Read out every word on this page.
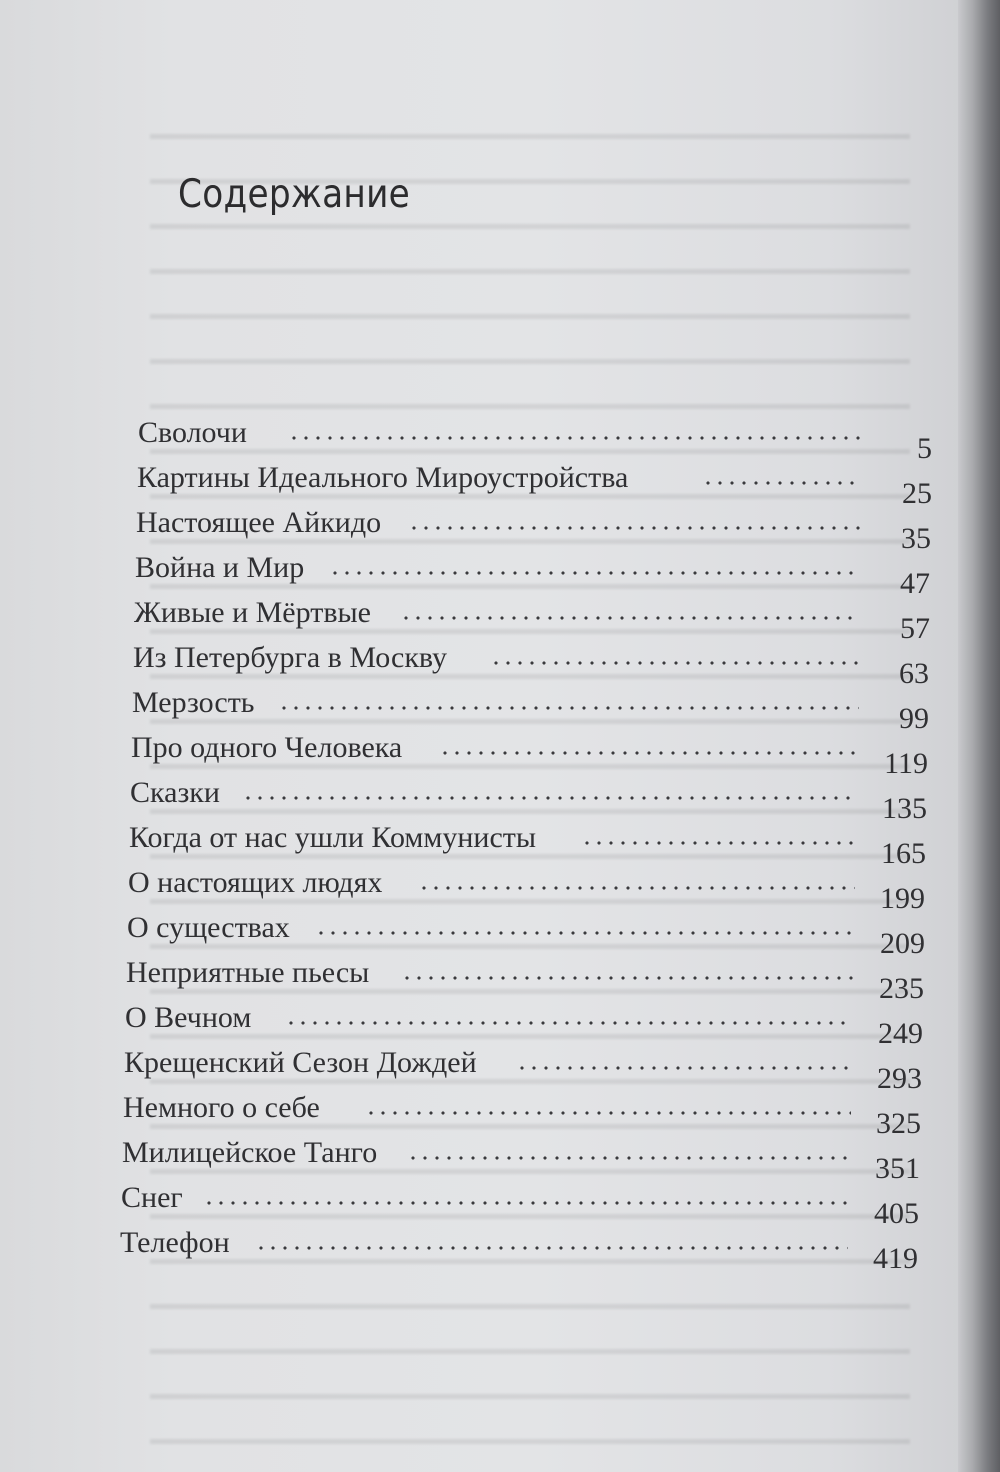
Содержание
Сволочи	5
Картины Идеального Мироустройства	25
Настоящее Айкидо	35
Война и Мир	47
Живые и Мёртвые	57
Из Петербурга в Москву	63
Мерзость	99
Про одного Человека	119
Сказки	135
Когда от нас ушли Коммунисты	165
О настоящих людях	199
О существах	209
Неприятные пьесы	235
О Вечном	249
Крещенский Сезон Дождей	293
Немного о себе	325
Милицейское Танго	351
Снег	405
Телефон	419
